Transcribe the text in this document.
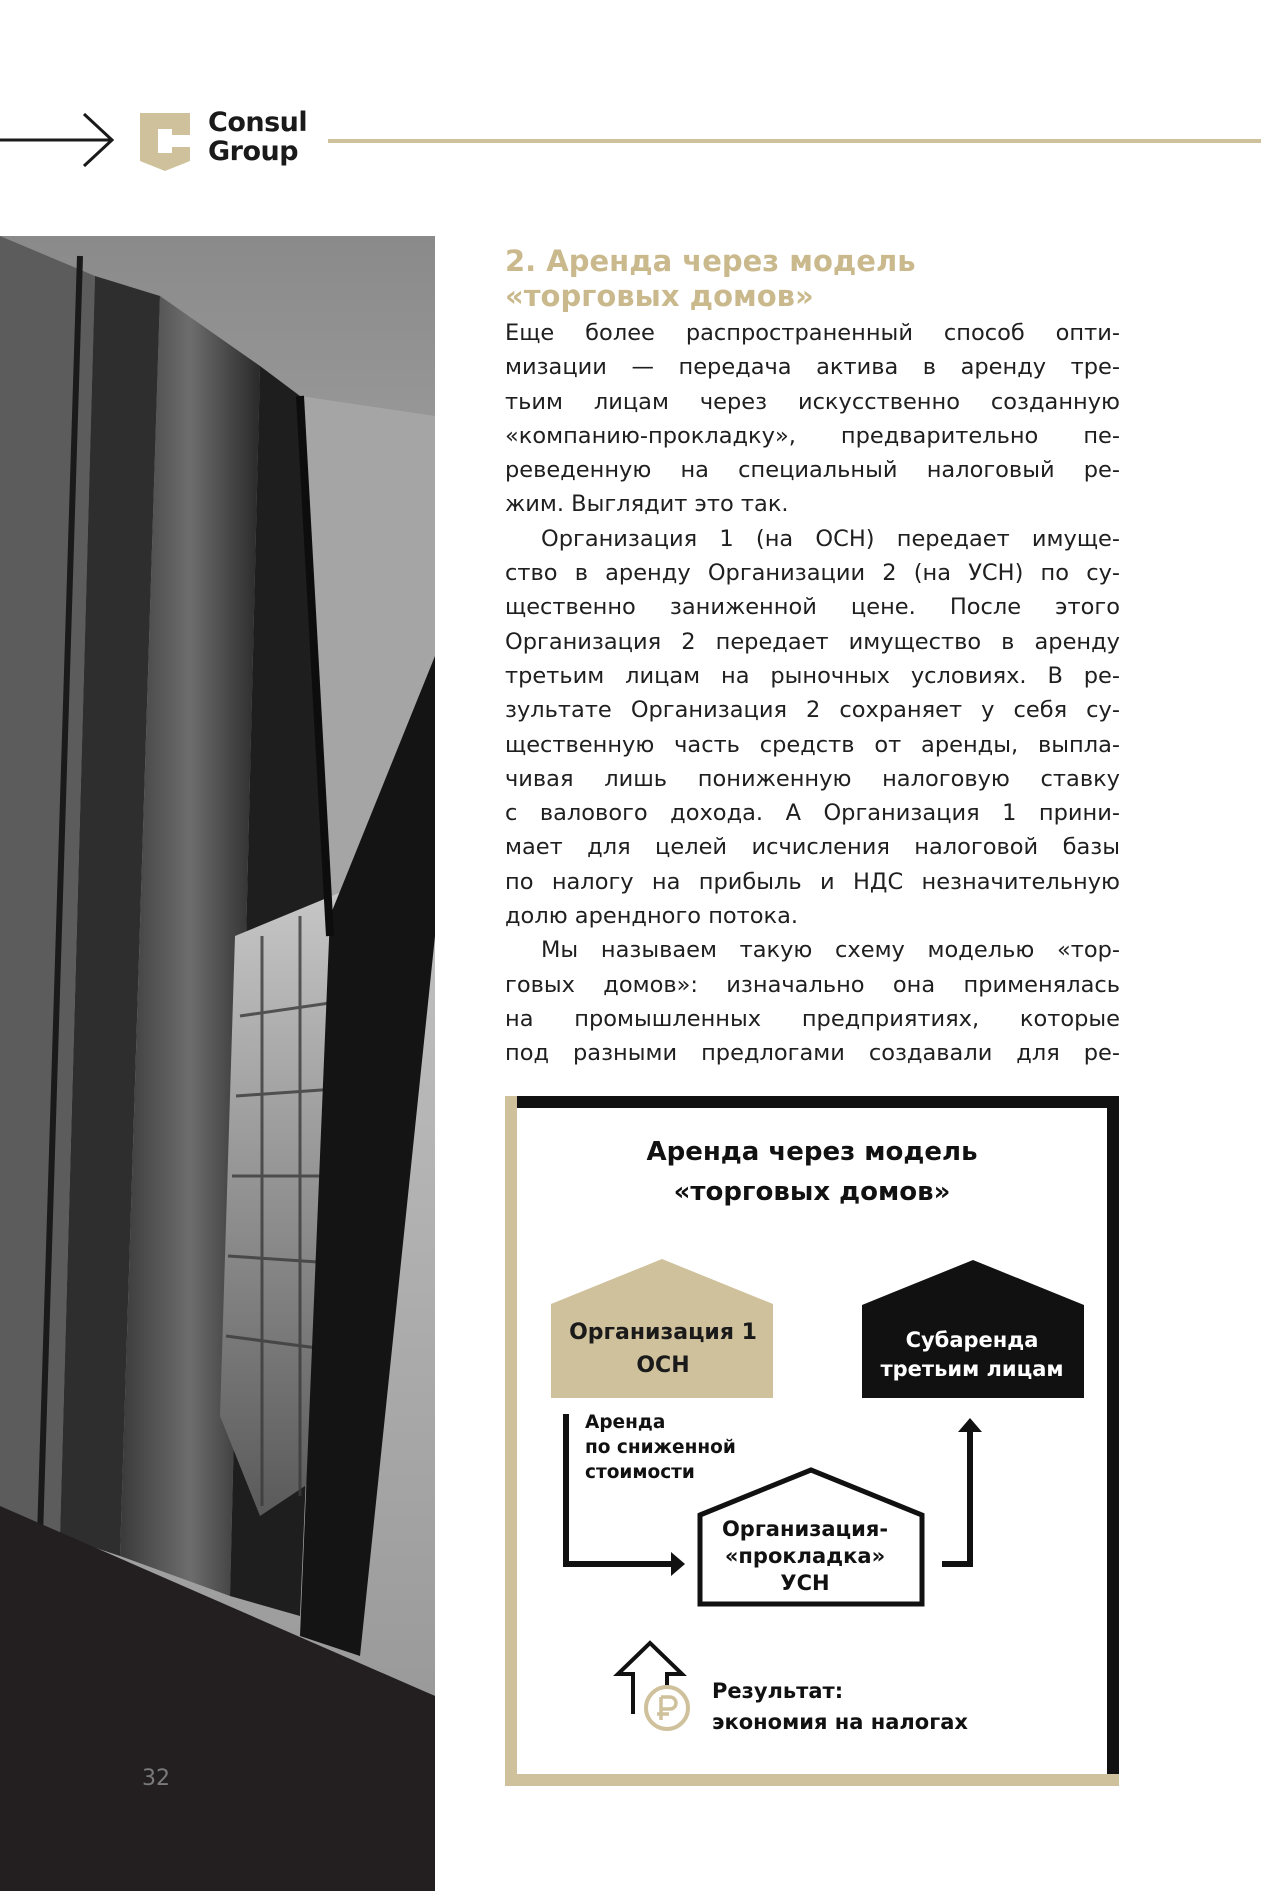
Consul
Group
32
2. Аренда через модель
«торговых домов»

Еще более распространенный способ опти-
мизации — передача актива в аренду тре-
тьим лицам через искусственно созданную
«компанию-прокладку», предварительно пе-
реведенную на специальный налоговый ре-
жим. Выглядит это так.

Организация 1 (на ОСН) передает имуще-
ство в аренду Организации 2 (на УСН) по су-
щественно заниженной цене. После этого
Организация 2 передает имущество в аренду
третьим лицам на рыночных условиях. В ре-
зультате Организация 2 сохраняет у себя су-
щественную часть средств от аренды, выпла-
чивая лишь пониженную налоговую ставку
с валового дохода. А Организация 1 прини-
мает для целей исчисления налоговой базы
по налогу на прибыль и НДС незначительную
долю арендного потока.

Мы называем такую схему моделью «тор-
говых домов»: изначально она применялась
на промышленных предприятиях, которые
под разными предлогами создавали для ре-

Аренда через модель
«торговых домов»
Организация 1
ОСН
Субаренда
третьим лицам
Организация-
«прокладка»
УСН
Аренда
по сниженной
стоимости
Результат:
экономия на налогах
